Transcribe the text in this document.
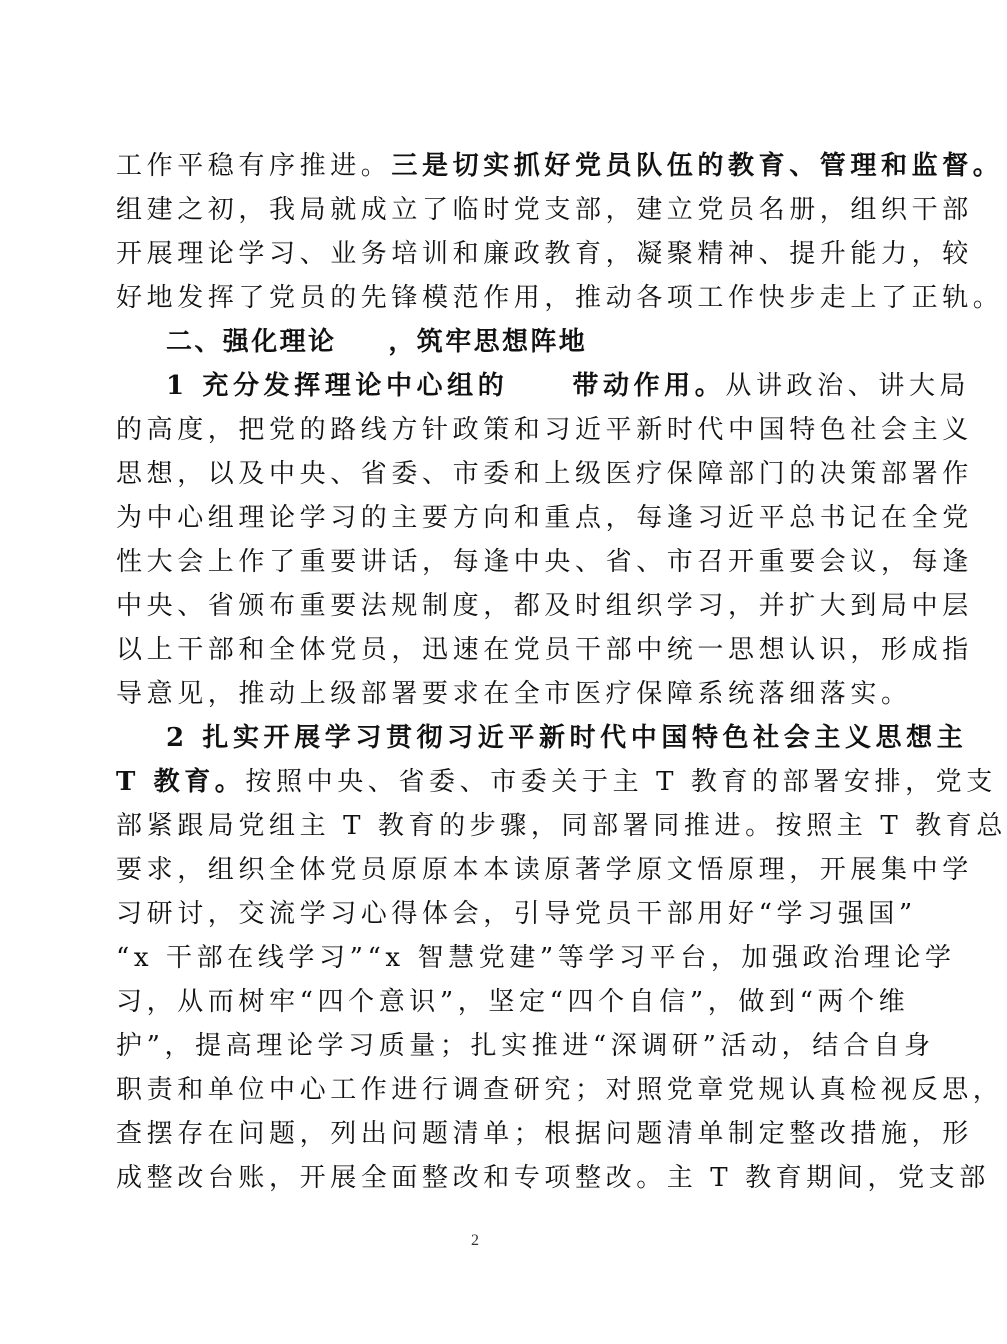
工作平稳有序推进。三是切实抓好党员队伍的教育、管理和监督。
组建之初，我局就成立了临时党支部，建立党员名册，组织干部
开展理论学习、业务培训和廉政教育，凝聚精神、提升能力，较
好地发挥了党员的先锋模范作用，推动各项工作快步走上了正轨。
二、强化理论 ，筑牢思想阵地
1 充分发挥理论中心组的 带动作用。从讲政治、讲大局
的高度，把党的路线方针政策和习近平新时代中国特色社会主义
思想，以及中央、省委、市委和上级医疗保障部门的决策部署作
为中心组理论学习的主要方向和重点，每逢习近平总书记在全党
性大会上作了重要讲话，每逢中央、省、市召开重要会议，每逢
中央、省颁布重要法规制度，都及时组织学习，并扩大到局中层
以上干部和全体党员，迅速在党员干部中统一思想认识，形成指
导意见，推动上级部署要求在全市医疗保障系统落细落实。
2 扎实开展学习贯彻习近平新时代中国特色社会主义思想主
T 教育。按照中央、省委、市委关于主 T 教育的部署安排，党支
部紧跟局党组主 T 教育的步骤，同部署同推进。按照主 T 教育总
要求，组织全体党员原原本本读原著学原文悟原理，开展集中学
习研讨，交流学习心得体会，引导党员干部用好“学习强国”
“x 干部在线学习”“x 智慧党建”等学习平台，加强政治理论学
习，从而树牢“四个意识”，坚定“四个自信”，做到“两个维
护”，提高理论学习质量；扎实推进“深调研”活动，结合自身
职责和单位中心工作进行调查研究；对照党章党规认真检视反思，
查摆存在问题，列出问题清单；根据问题清单制定整改措施，形
成整改台账，开展全面整改和专项整改。主 T 教育期间，党支部
2
